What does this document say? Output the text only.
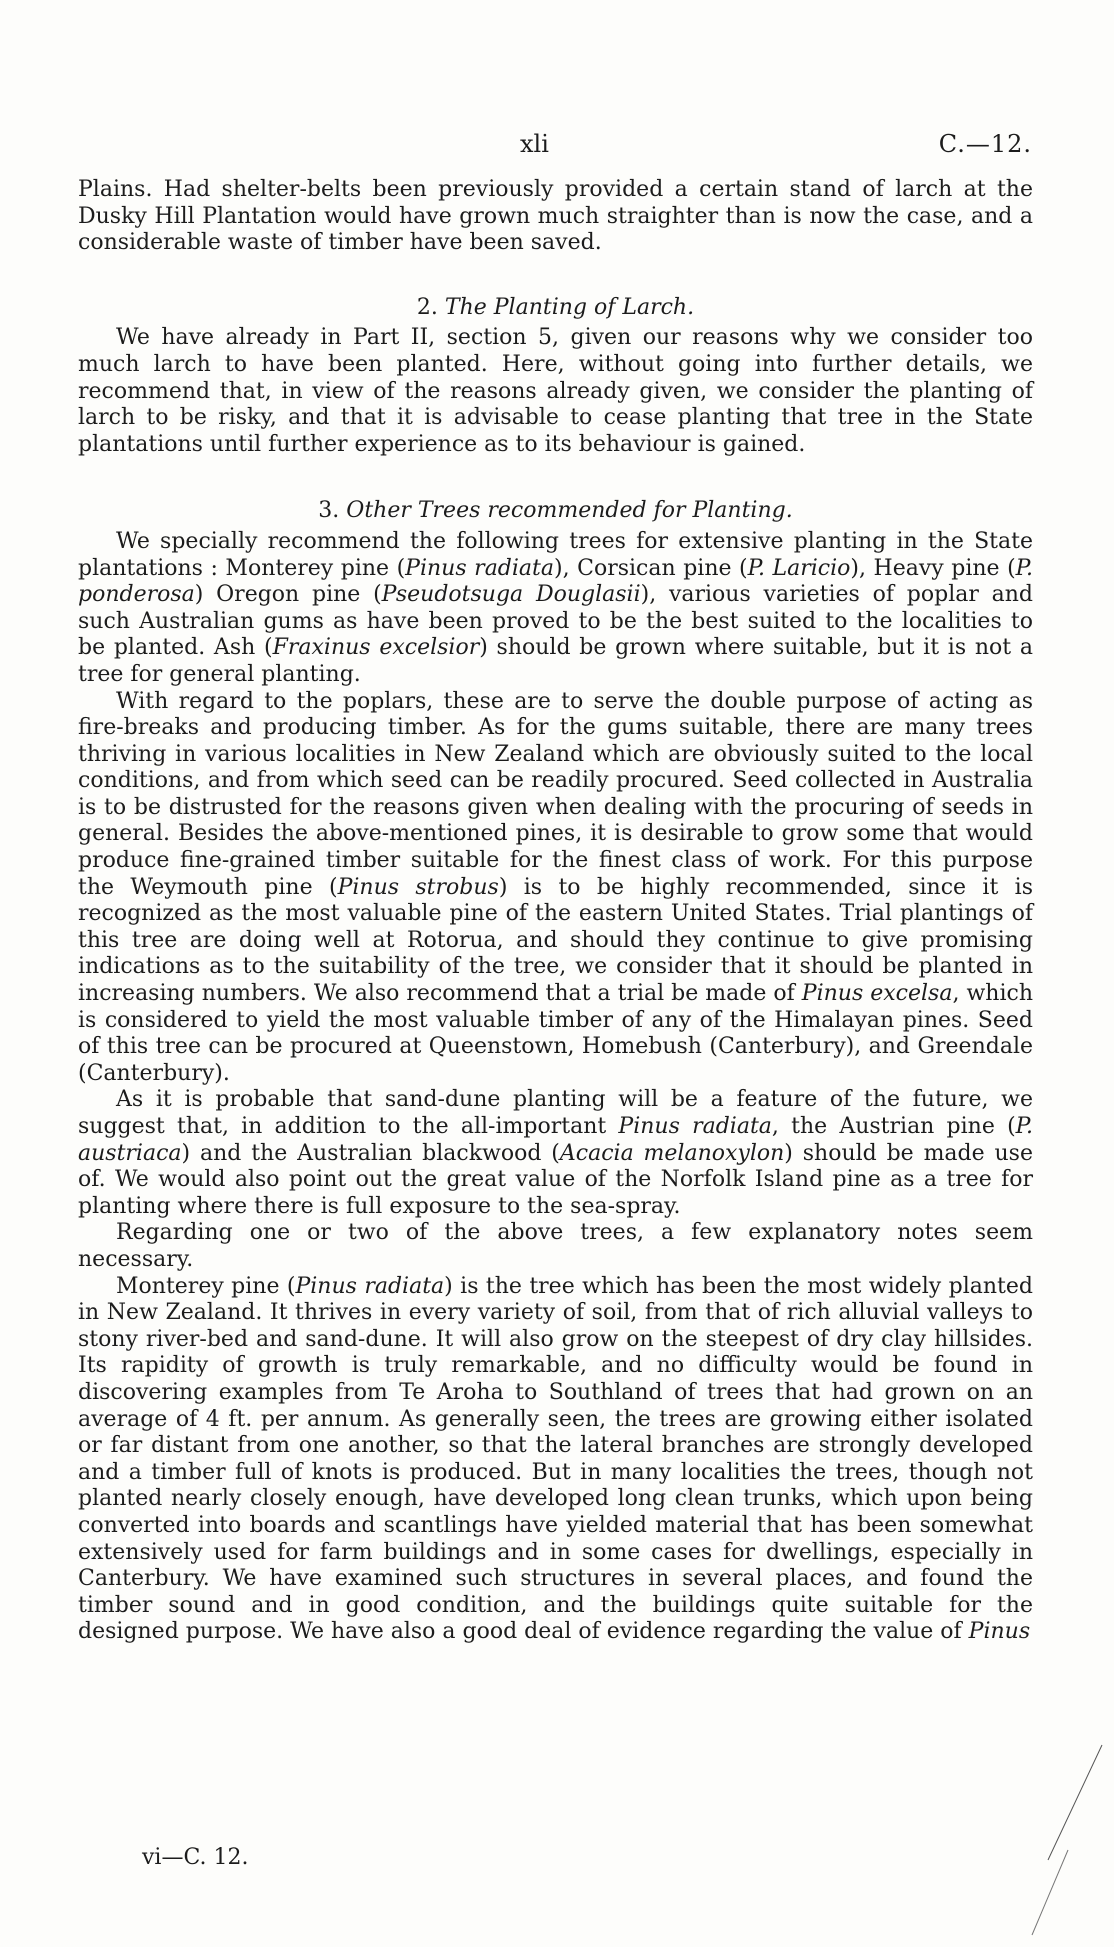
xli	C.—12.

Plains. Had shelter-belts been previously provided a certain stand of larch at the Dusky Hill Plantation would have grown much straighter than is now the case, and a considerable waste of timber have been saved.

2. The Planting of Larch.

We have already in Part II, section 5, given our reasons why we consider too much larch to have been planted. Here, without going into further details, we recommend that, in view of the reasons already given, we consider the planting of larch to be risky, and that it is advisable to cease planting that tree in the State plantations until further experience as to its behaviour is gained.

3. Other Trees recommended for Planting.

We specially recommend the following trees for extensive planting in the State plantations : Monterey pine (Pinus radiata), Corsican pine (P. Laricio), Heavy pine (P. ponderosa) Oregon pine (Pseudotsuga Douglasii), various varieties of poplar and such Australian gums as have been proved to be the best suited to the localities to be planted. Ash (Fraxinus excelsior) should be grown where suitable, but it is not a tree for general planting.

With regard to the poplars, these are to serve the double purpose of acting as fire-breaks and producing timber. As for the gums suitable, there are many trees thriving in various localities in New Zealand which are obviously suited to the local conditions, and from which seed can be readily procured. Seed collected in Australia is to be distrusted for the reasons given when dealing with the procuring of seeds in general. Besides the above-mentioned pines, it is desirable to grow some that would produce fine-grained timber suitable for the finest class of work. For this purpose the Weymouth pine (Pinus strobus) is to be highly recommended, since it is recognized as the most valuable pine of the eastern United States. Trial plantings of this tree are doing well at Rotorua, and should they continue to give promising indications as to the suitability of the tree, we consider that it should be planted in increasing numbers. We also recommend that a trial be made of Pinus excelsa, which is considered to yield the most valuable timber of any of the Himalayan pines. Seed of this tree can be procured at Queenstown, Homebush (Canterbury), and Greendale (Canterbury).

As it is probable that sand-dune planting will be a feature of the future, we suggest that, in addition to the all-important Pinus radiata, the Austrian pine (P. austriaca) and the Australian blackwood (Acacia melanoxylon) should be made use of. We would also point out the great value of the Norfolk Island pine as a tree for planting where there is full exposure to the sea-spray.

Regarding one or two of the above trees, a few explanatory notes seem necessary.

Monterey pine (Pinus radiata) is the tree which has been the most widely planted in New Zealand. It thrives in every variety of soil, from that of rich alluvial valleys to stony river-bed and sand-dune. It will also grow on the steepest of dry clay hillsides. Its rapidity of growth is truly remarkable, and no difficulty would be found in discovering examples from Te Aroha to Southland of trees that had grown on an average of 4 ft. per annum. As generally seen, the trees are growing either isolated or far distant from one another, so that the lateral branches are strongly developed and a timber full of knots is produced. But in many localities the trees, though not planted nearly closely enough, have developed long clean trunks, which upon being converted into boards and scantlings have yielded material that has been somewhat extensively used for farm buildings and in some cases for dwellings, especially in Canterbury. We have examined such structures in several places, and found the timber sound and in good condition, and the buildings quite suitable for the designed purpose. We have also a good deal of evidence regarding the value of Pinus

vi—C. 12.
